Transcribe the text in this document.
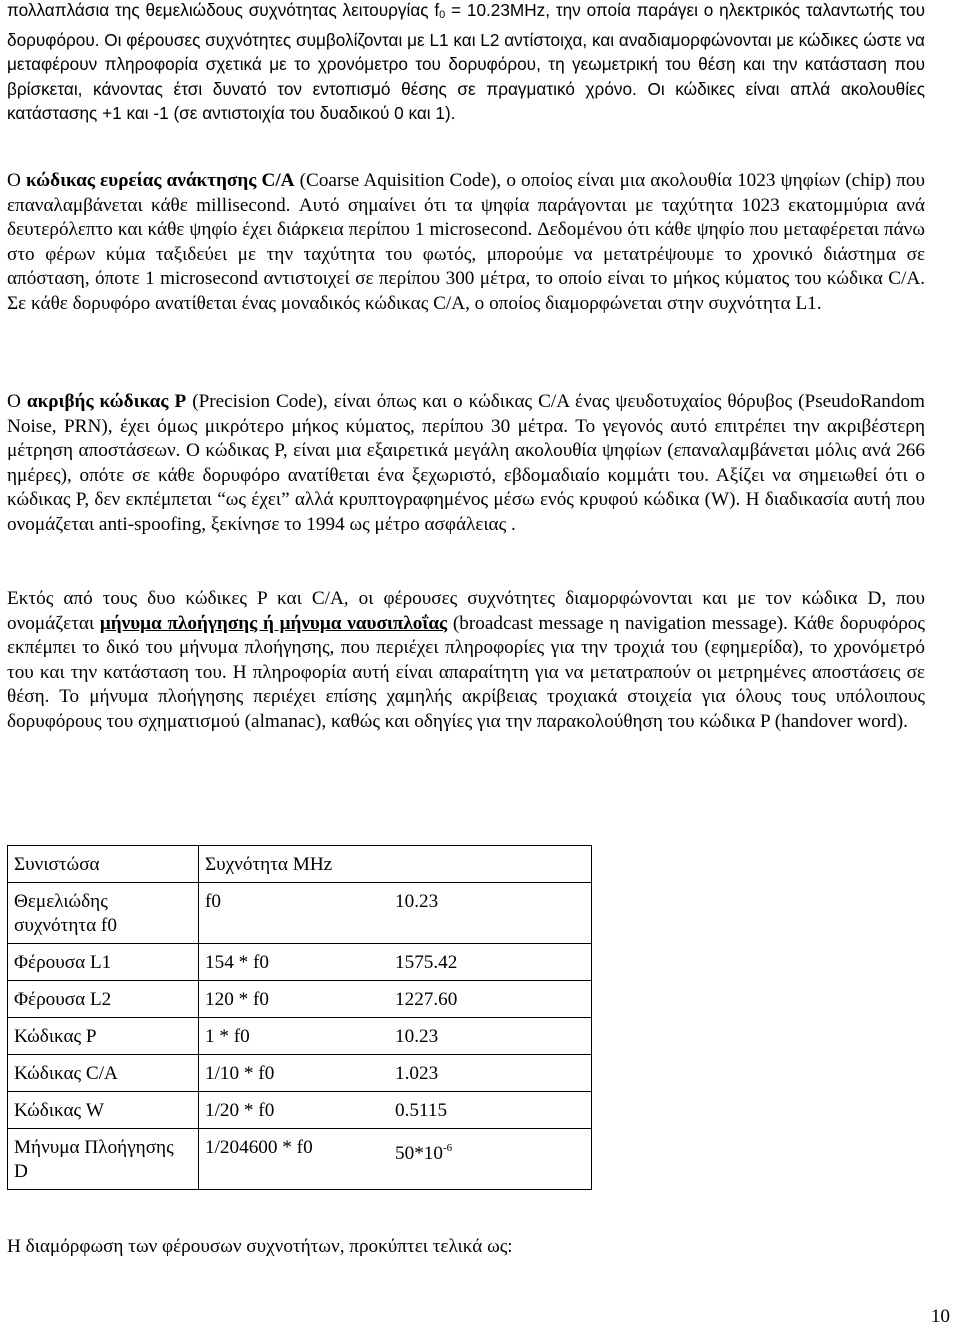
πολλαπλάσια της θεμελιώδους συχνότητας λειτουργίας f0 = 10.23MHz, την οποία παράγει ο ηλεκτρικός ταλαντωτής του δορυφόρου. Οι φέρουσες συχνότητες συμβολίζονται με L1 και L2 αντίστοιχα, και αναδιαμορφώνονται με κώδικες ώστε να μεταφέρουν πληροφορία σχετικά με το χρονόμετρο του δορυφόρου, τη γεωμετρική του θέση και την κατάσταση που βρίσκεται, κάνοντας έτσι δυνατό τον εντοπισμό θέσης σε πραγματικό χρόνο. Οι κώδικες είναι απλά ακολουθίες κατάστασης +1 και -1 (σε αντιστοιχία του δυαδικού 0 και 1).

Ο κώδικας ευρείας ανάκτησης C/A (Coarse Aquisition Code), ο οποίος είναι μια ακολουθία 1023 ψηφίων (chip) που επαναλαμβάνεται κάθε millisecond. Αυτό σημαίνει ότι τα ψηφία παράγονται με ταχύτητα 1023 εκατομμύρια ανά δευτερόλεπτο και κάθε ψηφίο έχει διάρκεια περίπου 1 microsecond. Δεδομένου ότι κάθε ψηφίο που μεταφέρεται πάνω στο φέρων κύμα ταξιδεύει με την ταχύτητα του φωτός, μπορούμε να μετατρέψουμε το χρονικό διάστημα σε απόσταση, όποτε 1 microsecond αντιστοιχεί σε περίπου 300 μέτρα, το οποίο είναι το μήκος κύματος του κώδικα C/A. Σε κάθε δορυφόρο ανατίθεται ένας μοναδικός κώδικας C/A, ο οποίος διαμορφώνεται στην συχνότητα L1.

Ο ακριβής κώδικας P (Precision Code), είναι όπως και ο κώδικας C/A ένας ψευδοτυχαίος θόρυβος (PseudoRandom Noise, PRN), έχει όμως μικρότερο μήκος κύματος, περίπου 30 μέτρα. Το γεγονός αυτό επιτρέπει την ακριβέστερη μέτρηση αποστάσεων. Ο κώδικας P, είναι μια εξαιρετικά μεγάλη ακολουθία ψηφίων (επαναλαμβάνεται μόλις ανά 266 ημέρες), οπότε σε κάθε δορυφόρο ανατίθεται ένα ξεχωριστό, εβδομαδιαίο κομμάτι του. Αξίζει να σημειωθεί ότι ο κώδικας P, δεν εκπέμπεται “ως έχει” αλλά κρυπτογραφημένος μέσω ενός κρυφού κώδικα (W). Η διαδικασία αυτή που ονομάζεται anti-spoofing, ξεκίνησε το 1994 ως μέτρο ασφάλειας .

Εκτός από τους δυο κώδικες P και C/A, οι φέρουσες συχνότητες διαμορφώνονται και με τον κώδικα D, που ονομάζεται μήνυμα πλοήγησης ή μήνυμα ναυσιπλοΐας (broadcast message η navigation message). Κάθε δορυφόρος εκπέμπει το δικό του μήνυμα πλοήγησης, που περιέχει πληροφορίες για την τροχιά του (εφημερίδα), το χρονόμετρό του και την κατάσταση του. Η πληροφορία αυτή είναι απαραίτητη για να μετατραπούν οι μετρημένες αποστάσεις σε θέση. Το μήνυμα πλοήγησης περιέχει επίσης χαμηλής ακρίβειας τροχιακά στοιχεία για όλους τους υπόλοιπους δορυφόρους του σχηματισμού (almanac), καθώς και οδηγίες για την παρακολούθηση του κώδικα P (handover word).

Συνιστώσα	Συχνότητα MHz	
Θεμελιώδης συχνότητα f0	f0	10.23
Φέρουσα L1	154 * f0	1575.42
Φέρουσα L2	120 * f0	1227.60
Κώδικας P	1 * f0	10.23
Κώδικας C/A	1/10 * f0	1.023
Κώδικας W	1/20 * f0	0.5115
Μήνυμα Πλοήγησης D	1/204600 * f0	$50*10^{-6}$
Η διαμόρφωση των φέρουσων συχνοτήτων, προκύπτει τελικά ως:
10
